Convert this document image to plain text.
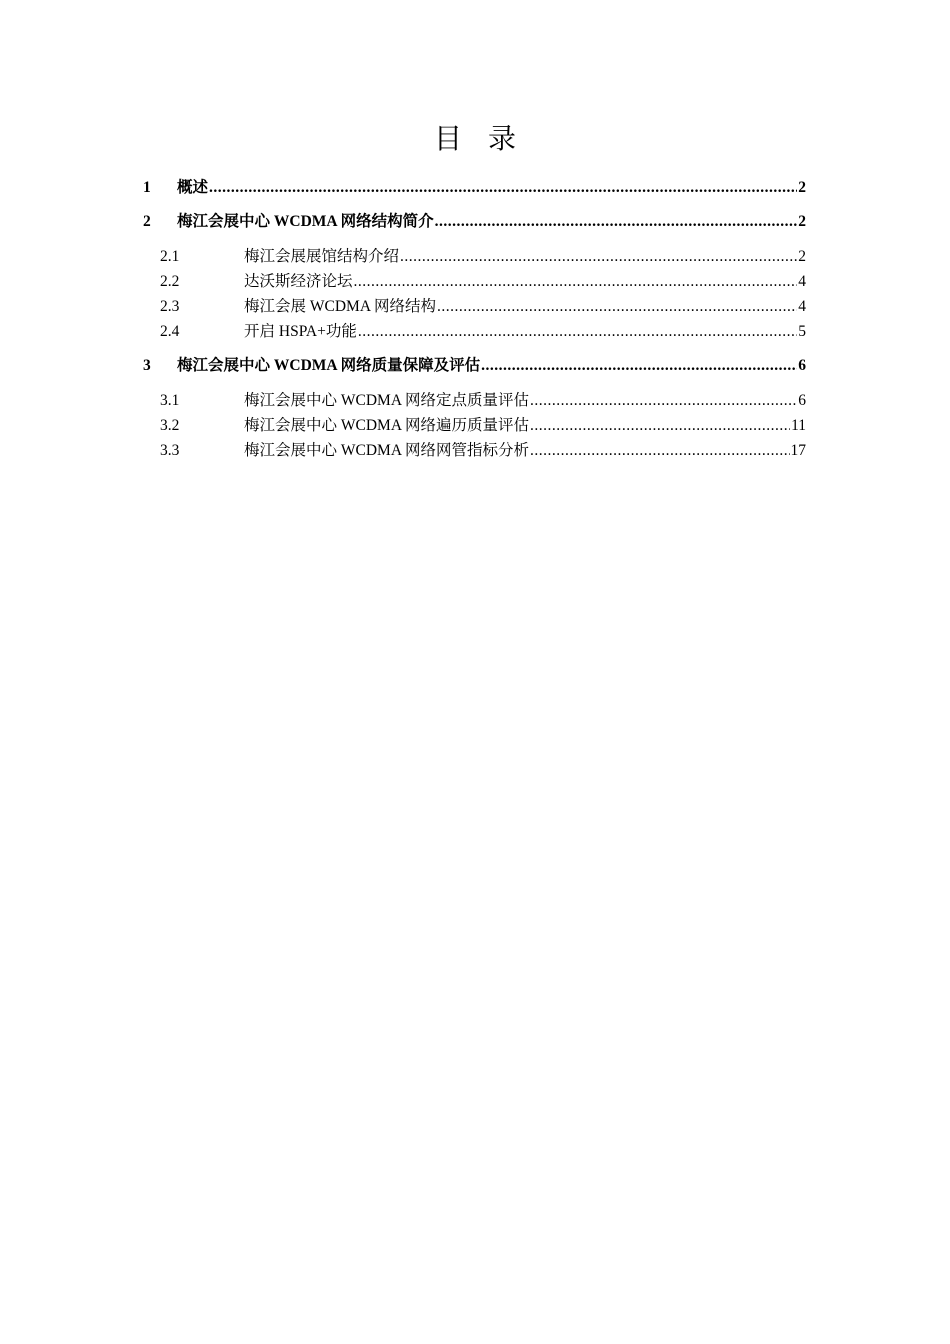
目录
1	概述 .....	2
2	梅江会展中心 WCDMA 网络结构简介 .....	2
2.1	梅江会展展馆结构介绍 .....	2
2.2	达沃斯经济论坛 .....	4
2.3	梅江会展 WCDMA 网络结构 .....	4
2.4	开启 HSPA+功能 .....	5
3	梅江会展中心 WCDMA 网络质量保障及评估 .....	6
3.1	梅江会展中心 WCDMA 网络定点质量评估 .....	6
3.2	梅江会展中心 WCDMA 网络遍历质量评估 .....	11
3.3	梅江会展中心 WCDMA 网络网管指标分析 .....	17
